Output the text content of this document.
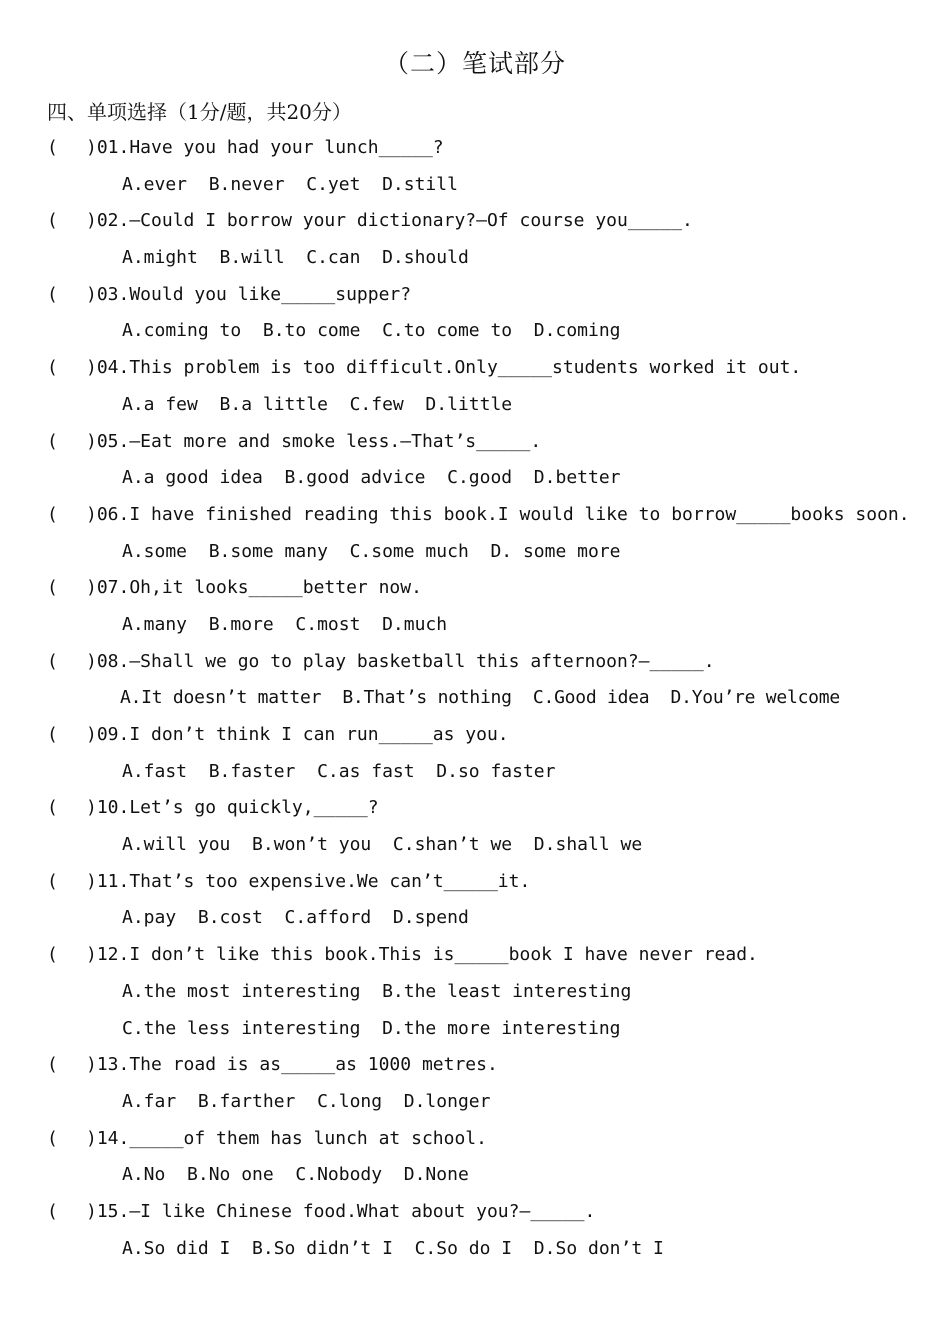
（二）笔试部分
四、单项选择（1分/题，共20分）
( )01.Have you had your lunch_____?
A.ever  B.never  C.yet  D.still
( )02.—Could I borrow your dictionary?—Of course you_____.
A.might  B.will  C.can  D.should
( )03.Would you like_____supper?
A.coming to  B.to come  C.to come to  D.coming
( )04.This problem is too difficult.Only_____students worked it out.
A.a few  B.a little  C.few  D.little
( )05.—Eat more and smoke less.—That’s_____.
A.a good idea  B.good advice  C.good  D.better
( )06.I have finished reading this book.I would like to borrow_____books soon.
A.some  B.some many  C.some much  D. some more
( )07.Oh,it looks_____better now.
A.many  B.more  C.most  D.much
( )08.—Shall we go to play basketball this afternoon?—_____.
A.It doesn’t matter  B.That’s nothing  C.Good idea  D.You’re welcome
( )09.I don’t think I can run_____as you.
A.fast  B.faster  C.as fast  D.so faster
( )10.Let’s go quickly,_____?
A.will you  B.won’t you  C.shan’t we  D.shall we
( )11.That’s too expensive.We can’t_____it.
A.pay  B.cost  C.afford  D.spend
( )12.I don’t like this book.This is_____book I have never read.
A.the most interesting  B.the least interesting
C.the less interesting  D.the more interesting
( )13.The road is as_____as 1000 metres.
A.far  B.farther  C.long  D.longer
( )14._____of them has lunch at school.
A.No  B.No one  C.Nobody  D.None
( )15.—I like Chinese food.What about you?—_____.
A.So did I  B.So didn’t I  C.So do I  D.So don’t I
